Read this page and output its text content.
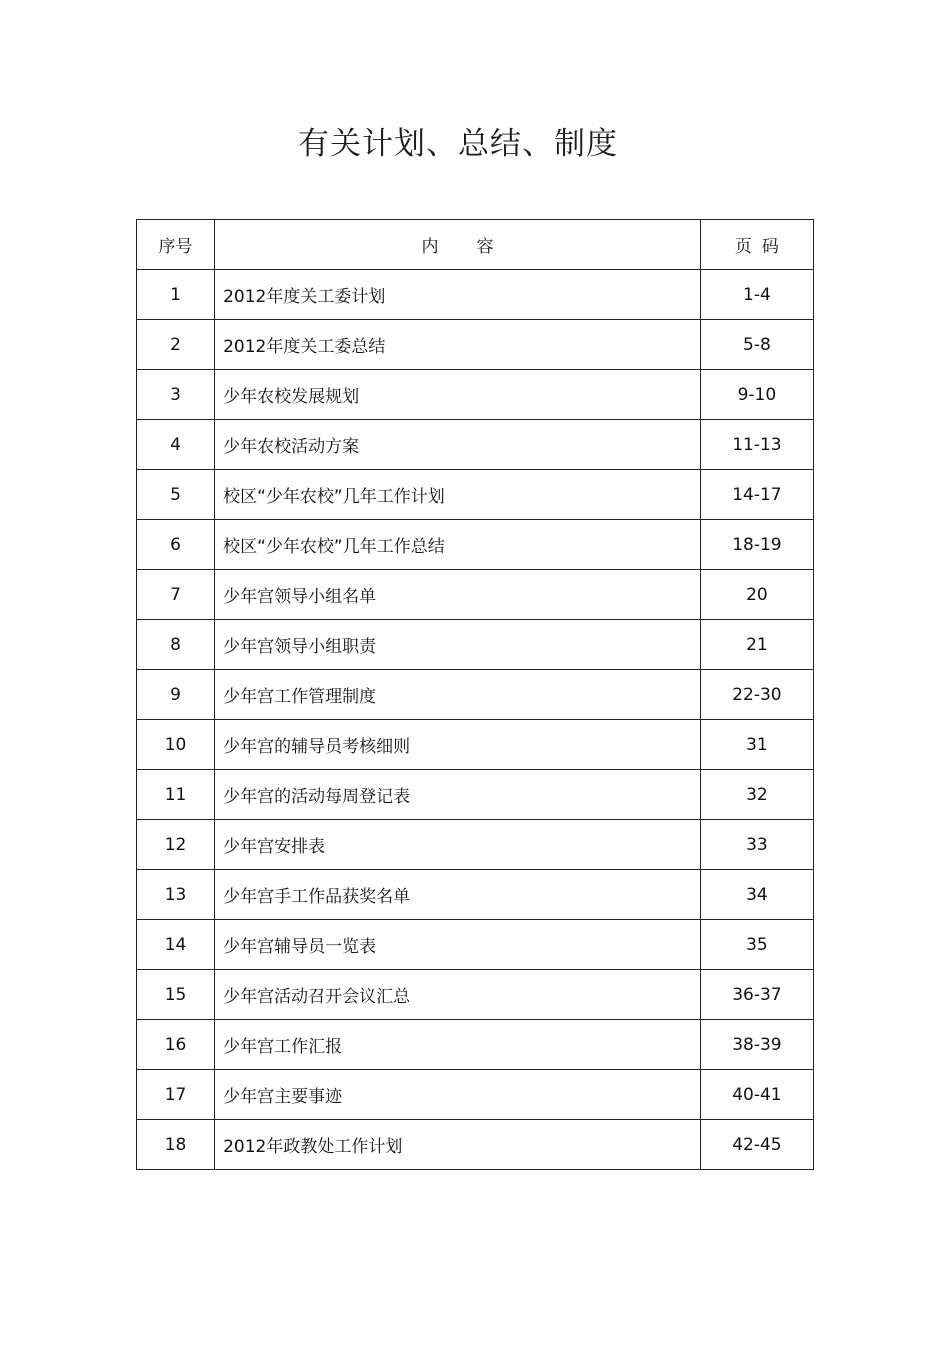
有关计划、总结、制度
序号	内容	页码
1	2012年度关工委计划	1-4
2	2012年度关工委总结	5-8
3	少年农校发展规划	9-10
4	少年农校活动方案	11-13
5	校区“少年农校”几年工作计划	14-17
6	校区“少年农校”几年工作总结	18-19
7	少年宫领导小组名单	20
8	少年宫领导小组职责	21
9	少年宫工作管理制度	22-30
10	少年宫的辅导员考核细则	31
11	少年宫的活动每周登记表	32
12	少年宫安排表	33
13	少年宫手工作品获奖名单	34
14	少年宫辅导员一览表	35
15	少年宫活动召开会议汇总	36-37
16	少年宫工作汇报	38-39
17	少年宫主要事迹	40-41
18	2012年政教处工作计划	42-45
